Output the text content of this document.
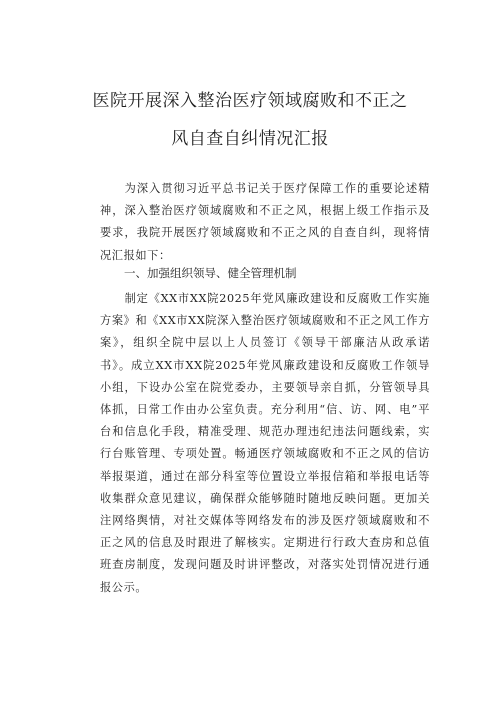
医院开展深入整治医疗领域腐败和不正之
风自查自纠情况汇报
为深入贯彻习近平总书记关于医疗保障工作的重要论述精神，深入整治医疗领域腐败和不正之风，根据上级工作指示及要求，我院开展医疗领域腐败和不正之风的自查自纠，现将情况汇报如下：
一、加强组织领导、健全管理机制
制定《XX市XX院2025年党风廉政建设和反腐败工作实施方案》和《XX市XX院深入整治医疗领域腐败和不正之风工作方案》，组织全院中层以上人员签订《领导干部廉洁从政承诺书》。成立XX市XX院2025年党风廉政建设和反腐败工作领导小组，下设办公室在院党委办，主要领导亲自抓，分管领导具体抓，日常工作由办公室负责。充分利用“信、访、网、电”平台和信息化手段，精准受理、规范办理违纪违法问题线索，实行台账管理、专项处置。畅通医疗领域腐败和不正之风的信访举报渠道，通过在部分科室等位置设立举报信箱和举报电话等收集群众意见建议，确保群众能够随时随地反映问题。更加关注网络舆情，对社交媒体等网络发布的涉及医疗领域腐败和不正之风的信息及时跟进了解核实。定期进行行政大查房和总值班查房制度，发现问题及时讲评整改，对落实处罚情况进行通报公示。
